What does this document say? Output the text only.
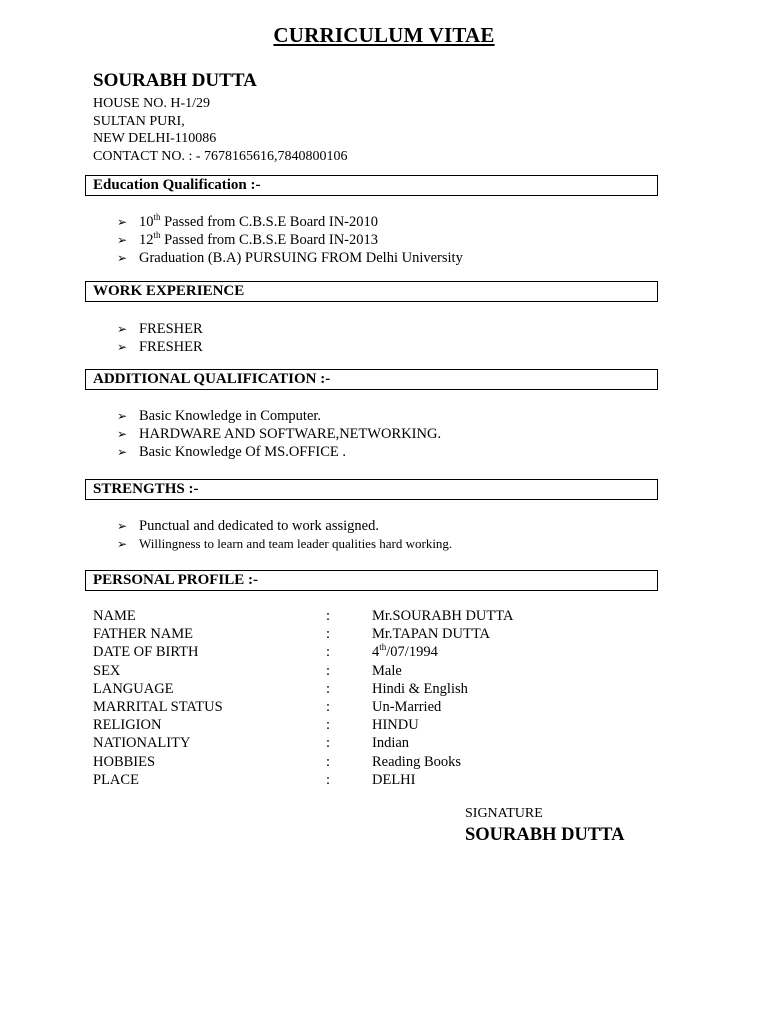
CURRICULUM VITAE
SOURABH DUTTA
HOUSE NO. H-1/29
SULTAN PURI,
NEW DELHI-110086
CONTACT NO. : - 7678165616,7840800106
Education Qualification :-
➢ 10th Passed from C.B.S.E Board IN-2010
➢ 12th Passed from C.B.S.E Board IN-2013
➢ Graduation (B.A) PURSUING FROM Delhi University
WORK EXPERIENCE
➢ FRESHER
➢ FRESHER
ADDITIONAL QUALIFICATION :-
➢ Basic Knowledge in Computer.
➢ HARDWARE AND SOFTWARE,NETWORKING.
➢ Basic Knowledge Of MS.OFFICE .
STRENGTHS :-
➢ Punctual and dedicated to work assigned.
➢ Willingness to learn and team leader qualities hard working.
PERSONAL PROFILE :-
NAME	:	Mr.SOURABH DUTTA
FATHER NAME	:	Mr.TAPAN DUTTA
DATE OF BIRTH	:	4th/07/1994
SEX	:	Male
LANGUAGE	:	Hindi & English
MARRITAL STATUS	:	Un-Married
RELIGION	:	HINDU
NATIONALITY	:	Indian
HOBBIES	:	Reading Books
PLACE	:	DELHI
SIGNATURE
SOURABH DUTTA
